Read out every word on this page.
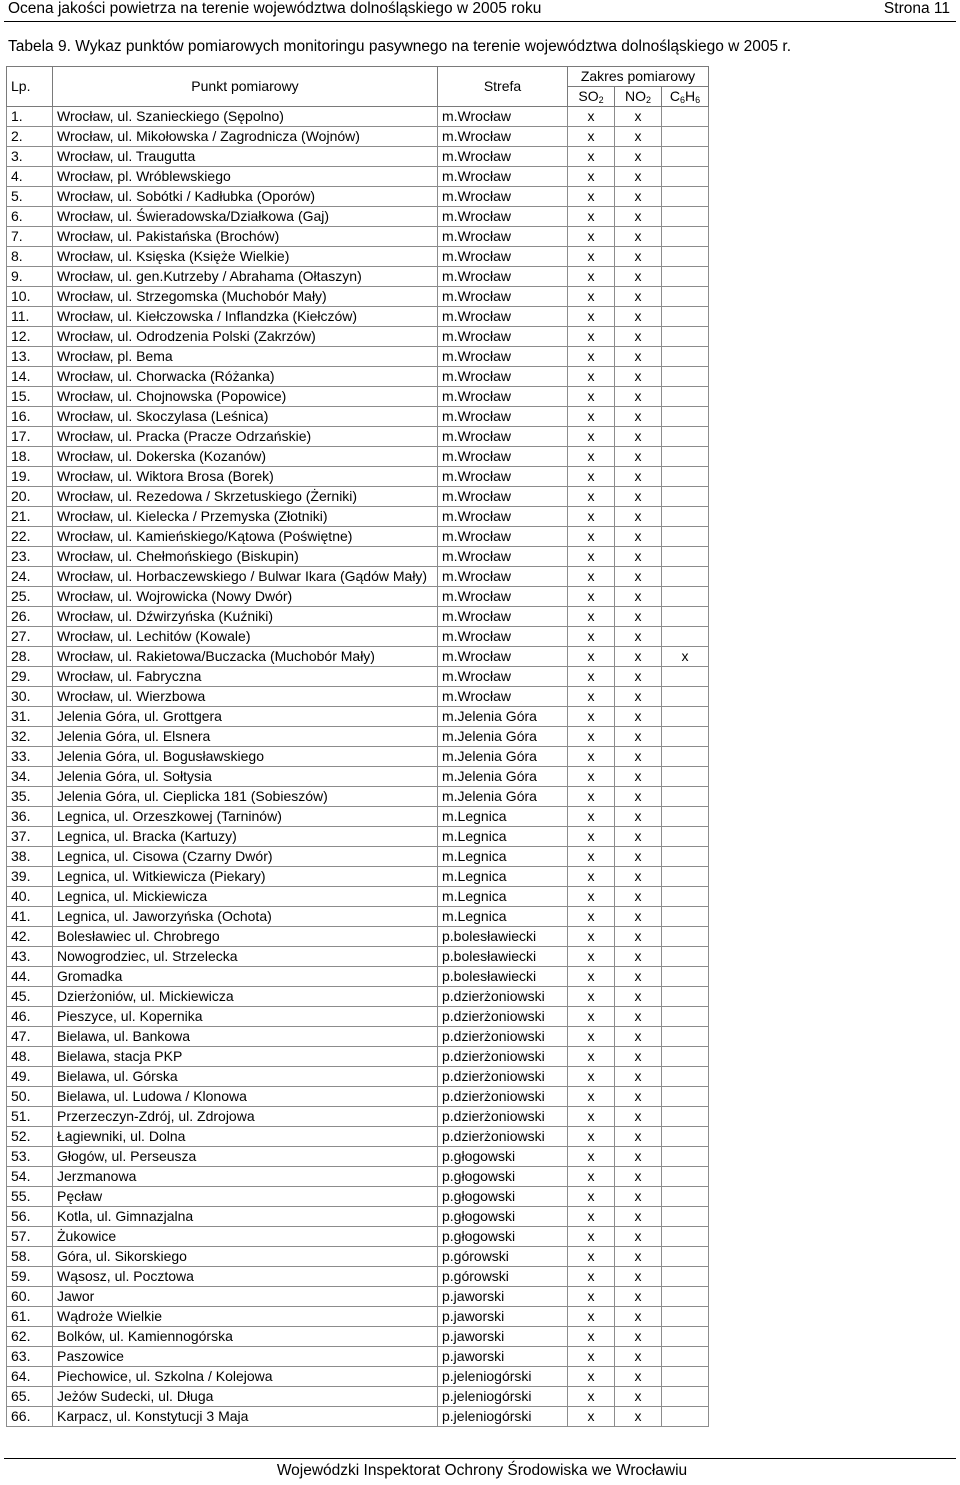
Ocena jakości powietrza na terenie województwa dolnośląskiego w 2005 roku	Strona 11
Tabela 9. Wykaz punktów pomiarowych monitoringu pasywnego na terenie województwa dolnośląskiego w 2005 r.
Lp.	Punkt pomiarowy	Strefa	Zakres pomiarowy		
			$SO_2$	$NO_2$	$C_6H_6$
1.	Wrocław, ul. Szanieckiego (Sępolno)	m.Wrocław	x	x	
2.	Wrocław, ul. Mikołowska / Zagrodnicza (Wojnów)	m.Wrocław	x	x	
3.	Wrocław, ul. Traugutta	m.Wrocław	x	x	
4.	Wrocław, pl. Wróblewskiego	m.Wrocław	x	x	
5.	Wrocław, ul. Sobótki / Kadłubka (Oporów)	m.Wrocław	x	x	
6.	Wrocław, ul. Świeradowska/Działkowa (Gaj)	m.Wrocław	x	x	
7.	Wrocław, ul. Pakistańska (Brochów)	m.Wrocław	x	x	
8.	Wrocław, ul. Księska (Księże Wielkie)	m.Wrocław	x	x	
9.	Wrocław, ul. gen.Kutrzeby / Abrahama (Ołtaszyn)	m.Wrocław	x	x	
10.	Wrocław, ul. Strzegomska (Muchobór Mały)	m.Wrocław	x	x	
11.	Wrocław, ul. Kiełczowska / Inflandzka (Kiełczów)	m.Wrocław	x	x	
12.	Wrocław, ul. Odrodzenia Polski (Zakrzów)	m.Wrocław	x	x	
13.	Wrocław, pl. Bema	m.Wrocław	x	x	
14.	Wrocław, ul. Chorwacka (Różanka)	m.Wrocław	x	x	
15.	Wrocław, ul. Chojnowska (Popowice)	m.Wrocław	x	x	
16.	Wrocław, ul. Skoczylasa (Leśnica)	m.Wrocław	x	x	
17.	Wrocław, ul. Pracka (Pracze Odrzańskie)	m.Wrocław	x	x	
18.	Wrocław, ul. Dokerska (Kozanów)	m.Wrocław	x	x	
19.	Wrocław, ul. Wiktora Brosa (Borek)	m.Wrocław	x	x	
20.	Wrocław, ul. Rezedowa / Skrzetuskiego (Żerniki)	m.Wrocław	x	x	
21.	Wrocław, ul. Kielecka / Przemyska (Złotniki)	m.Wrocław	x	x	
22.	Wrocław, ul. Kamieńskiego/Kątowa (Poświętne)	m.Wrocław	x	x	
23.	Wrocław, ul. Chełmońskiego (Biskupin)	m.Wrocław	x	x	
24.	Wrocław, ul. Horbaczewskiego / Bulwar Ikara (Gądów Mały)	m.Wrocław	x	x	
25.	Wrocław, ul. Wojrowicka (Nowy Dwór)	m.Wrocław	x	x	
26.	Wrocław, ul. Dźwirzyńska (Kuźniki)	m.Wrocław	x	x	
27.	Wrocław, ul. Lechitów (Kowale)	m.Wrocław	x	x	
28.	Wrocław, ul. Rakietowa/Buczacka (Muchobór Mały)	m.Wrocław	x	x	x
29.	Wrocław, ul. Fabryczna	m.Wrocław	x	x	
30.	Wrocław, ul. Wierzbowa	m.Wrocław	x	x	
31.	Jelenia Góra, ul. Grottgera	m.Jelenia Góra	x	x	
32.	Jelenia Góra, ul. Elsnera	m.Jelenia Góra	x	x	
33.	Jelenia Góra, ul. Bogusławskiego	m.Jelenia Góra	x	x	
34.	Jelenia Góra, ul. Sołtysia	m.Jelenia Góra	x	x	
35.	Jelenia Góra, ul. Cieplicka 181 (Sobieszów)	m.Jelenia Góra	x	x	
36.	Legnica, ul. Orzeszkowej (Tarninów)	m.Legnica	x	x	
37.	Legnica, ul. Bracka (Kartuzy)	m.Legnica	x	x	
38.	Legnica, ul. Cisowa (Czarny Dwór)	m.Legnica	x	x	
39.	Legnica, ul. Witkiewicza (Piekary)	m.Legnica	x	x	
40.	Legnica, ul. Mickiewicza	m.Legnica	x	x	
41.	Legnica, ul. Jaworzyńska (Ochota)	m.Legnica	x	x	
42.	Bolesławiec ul. Chrobrego	p.bolesławiecki	x	x	
43.	Nowogrodziec, ul. Strzelecka	p.bolesławiecki	x	x	
44.	Gromadka	p.bolesławiecki	x	x	
45.	Dzierżoniów, ul. Mickiewicza	p.dzierżoniowski	x	x	
46.	Pieszyce, ul. Kopernika	p.dzierżoniowski	x	x	
47.	Bielawa, ul. Bankowa	p.dzierżoniowski	x	x	
48.	Bielawa, stacja PKP	p.dzierżoniowski	x	x	
49.	Bielawa, ul. Górska	p.dzierżoniowski	x	x	
50.	Bielawa, ul. Ludowa / Klonowa	p.dzierżoniowski	x	x	
51.	Przerzeczyn-Zdrój, ul. Zdrojowa	p.dzierżoniowski	x	x	
52.	Łagiewniki, ul. Dolna	p.dzierżoniowski	x	x	
53.	Głogów, ul. Perseusza	p.głogowski	x	x	
54.	Jerzmanowa	p.głogowski	x	x	
55.	Pęcław	p.głogowski	x	x	
56.	Kotla, ul. Gimnazjalna	p.głogowski	x	x	
57.	Żukowice	p.głogowski	x	x	
58.	Góra, ul. Sikorskiego	p.górowski	x	x	
59.	Wąsosz, ul. Pocztowa	p.górowski	x	x	
60.	Jawor	p.jaworski	x	x	
61.	Wądroże Wielkie	p.jaworski	x	x	
62.	Bolków, ul. Kamiennogórska	p.jaworski	x	x	
63.	Paszowice	p.jaworski	x	x	
64.	Piechowice, ul. Szkolna / Kolejowa	p.jeleniogórski	x	x	
65.	Jeżów Sudecki, ul. Długa	p.jeleniogórski	x	x	
66.	Karpacz, ul. Konstytucji 3 Maja	p.jeleniogórski	x	x	
Wojewódzki Inspektorat Ochrony Środowiska we Wrocławiu
